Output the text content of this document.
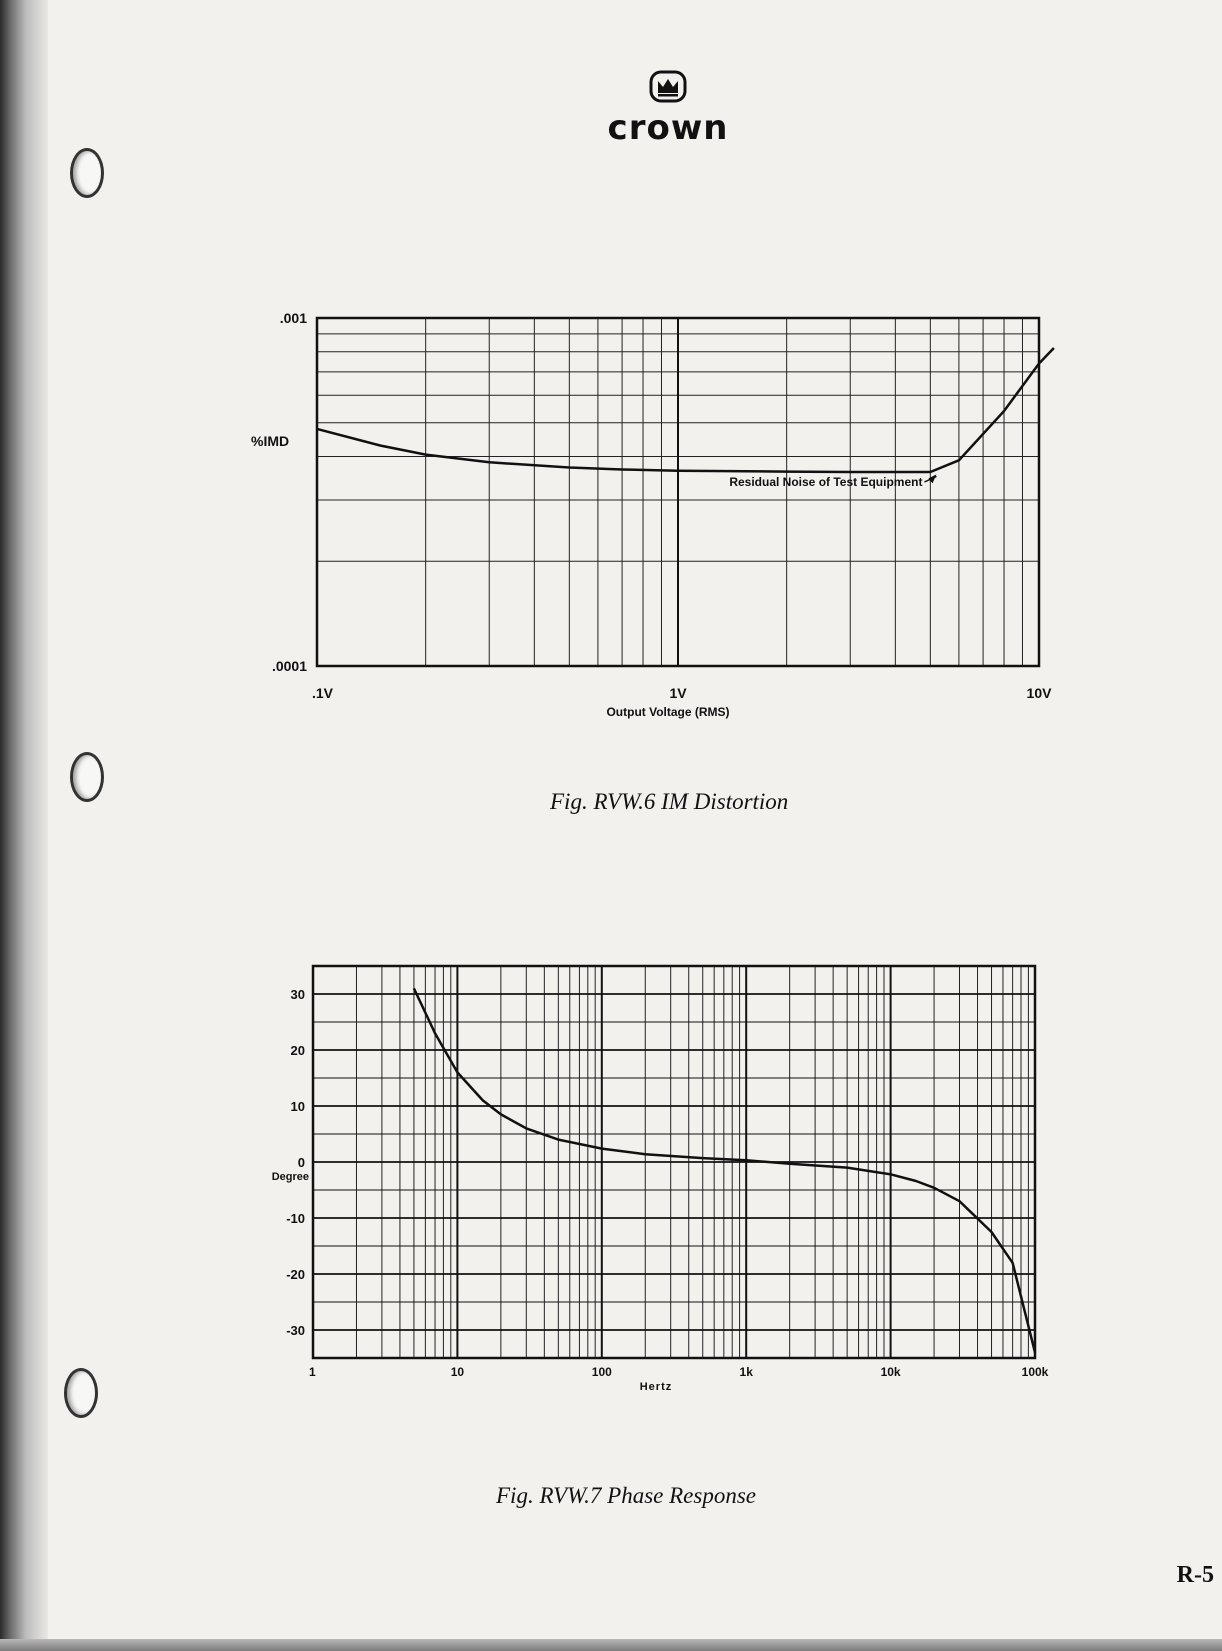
crown
.1V	1V	10V
.001
.0001
Output Voltage (RMS)
%IMD
Residual Noise of Test Equipment
1	10	100	1k	10k	100k
30
20
10
0
-10
-20
-30
Hertz
Degree
Fig. RVW.6 IM Distortion
Fig. RVW.7 Phase Response
R-5
